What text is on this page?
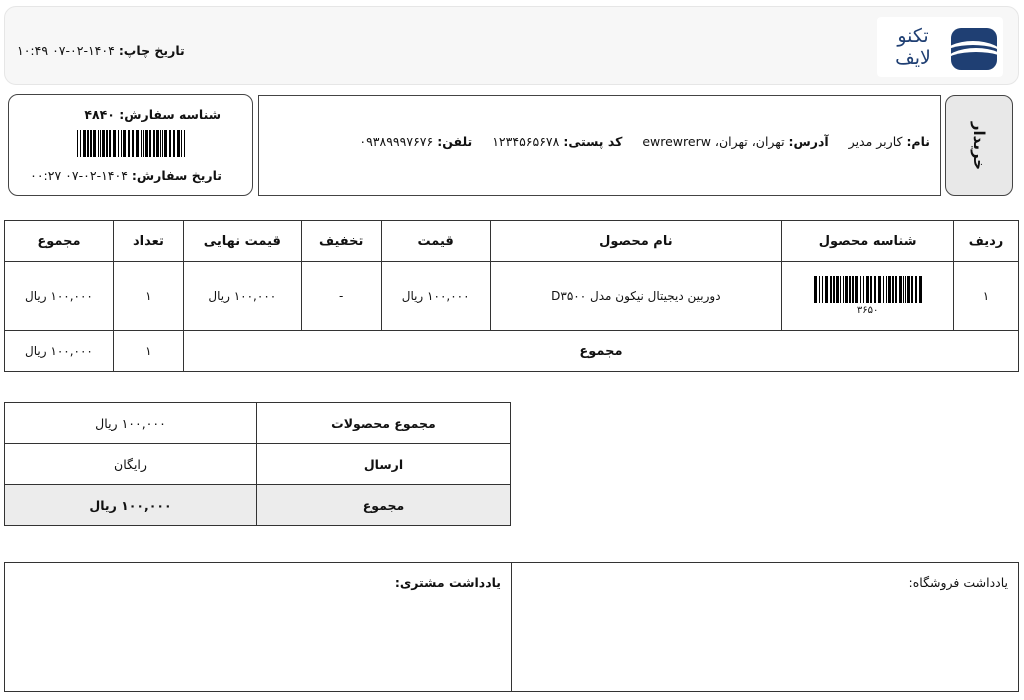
تکنو
لایف
تاریخ چاپ: ۱۴۰۴-۰۲-۰۷ ۱۰:۴۹
شناسه سفارش: ۴۸۴۰
تاریخ سفارش: ۱۴۰۴-۰۲-۰۷ ۰۰:۲۷
نام: کاربر مدیر  آدرس: تهران، تهران، ewrewrerw  کد پستی: ۱۲۳۴۵۶۵۶۷۸  تلفن: ۰۹۳۸۹۹۹۷۶۷۶	خریدار
ردیف	شناسه محصول	نام محصول	قیمت	تخفیف	قیمت نهایی	تعداد	مجموع
۱	۳۶۵۰	دوربین دیجیتال نیکون مدل D۳۵۰۰	۱۰۰,۰۰۰ ریال	-	۱۰۰,۰۰۰ ریال	۱	۱۰۰,۰۰۰ ریال
مجموع						۱	۱۰۰,۰۰۰ ریال
مجموع محصولات	۱۰۰,۰۰۰ ریال
ارسال	رایگان
مجموع	۱۰۰,۰۰۰ ریال
یادداشت فروشگاه:
یادداشت مشتری:
